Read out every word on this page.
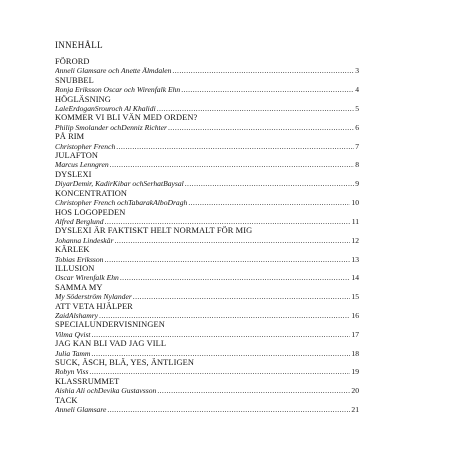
INNEHÅLL
FÖRORD
Anneli Glamsare och Anette Älmdalen .....	3
SNUBBEL
Ronja Eriksson Oscar och Wirenfalk Ehn .....	4
HÖGLÄSNING
LaleErdoganSrouroch Al Khalidi .....	5
KOMMER VI BLI VÄN MED ORDEN?
Philip Smolander ochDenniz Richter .....	6
PÅ RIM
Christopher French .....	7
JULAFTON
Marcus Lenngren .....	8
DYSLEXI
DiyarDemir, KadirKibar ochSerhatBaysal .....	9
KONCENTRATION
Christopher French ochTabarakAlboDragh .....	10
HOS LOGOPEDEN
Alfred Berglund .....	11
DYSLEXI ÄR FAKTISKT HELT NORMALT FÖR MIG
Johanna Lindeskär .....	12
KÄRLEK
Tobias Eriksson .....	13
ILLUSION
Oscar Wirenfalk Ehn .....	14
SAMMA MY
My Söderström Nylander .....	15
ATT VETA HJÄLPER
ZaidAlshamry .....	16
SPECIALUNDERVISNINGEN
Vilma Qvist .....	17
JAG KAN BLI VAD JAG VILL
Julia Tamm .....	18
SUCK, ÄSCH, BLÄ, YES, ÄNTLIGEN
Robyn Viss .....	19
KLASSRUMMET
Aishia Ali ochDevika Gustavsson .....	20
TACK
Anneli Glamsare .....	21
